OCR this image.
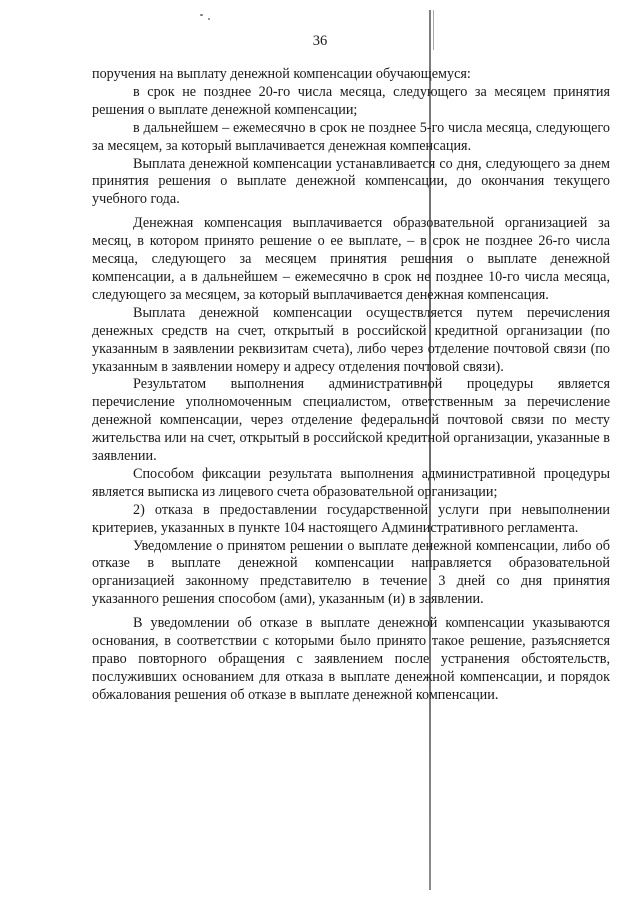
36

поручения на выплату денежной компенсации обучающемуся:

в срок не позднее 20-го числа месяца, следующего за месяцем принятия решения о выплате денежной компенсации;

в дальнейшем – ежемесячно в срок не позднее 5-го числа месяца, следующего за месяцем, за который выплачивается денежная компенсация.

Выплата денежной компенсации устанавливается со дня, следующего за днем принятия решения о выплате денежной компенсации, до окончания текущего учебного года.

Денежная компенсация выплачивается образовательной организацией за месяц, в котором принято решение о ее выплате, – в срок не позднее 26-го числа месяца, следующего за месяцем принятия решения о выплате денежной компенсации, а в дальнейшем – ежемесячно в срок не позднее 10-го числа месяца, следующего за месяцем, за который выплачивается денежная компенсация.

Выплата денежной компенсации осуществляется путем перечисления денежных средств на счет, открытый в российской кредитной организации (по указанным в заявлении реквизитам счета), либо через отделение почтовой связи (по указанным в заявлении номеру и адресу отделения почтовой связи).

Результатом выполнения административной процедуры является перечисление уполномоченным специалистом, ответственным за перечисление денежной компенсации, через отделение федеральной почтовой связи по месту жительства или на счет, открытый в российской кредитной организации, указанные в заявлении.

Способом фиксации результата выполнения административной процедуры является выписка из лицевого счета образовательной организации;

2) отказа в предоставлении государственной услуги при невыполнении критериев, указанных в пункте 104 настоящего Административного регламента.

Уведомление о принятом решении о выплате денежной компенсации, либо об отказе в выплате денежной компенсации направляется образовательной организацией законному представителю в течение 3 дней со дня принятия указанного решения способом (ами), указанным (и) в заявлении.

В уведомлении об отказе в выплате денежной компенсации указываются основания, в соответствии с которыми было принято такое решение, разъясняется право повторного обращения с заявлением после устранения обстоятельств, послуживших основанием для отказа в выплате денежной компенсации, и порядок обжалования решения об отказе в выплате денежной компенсации.
